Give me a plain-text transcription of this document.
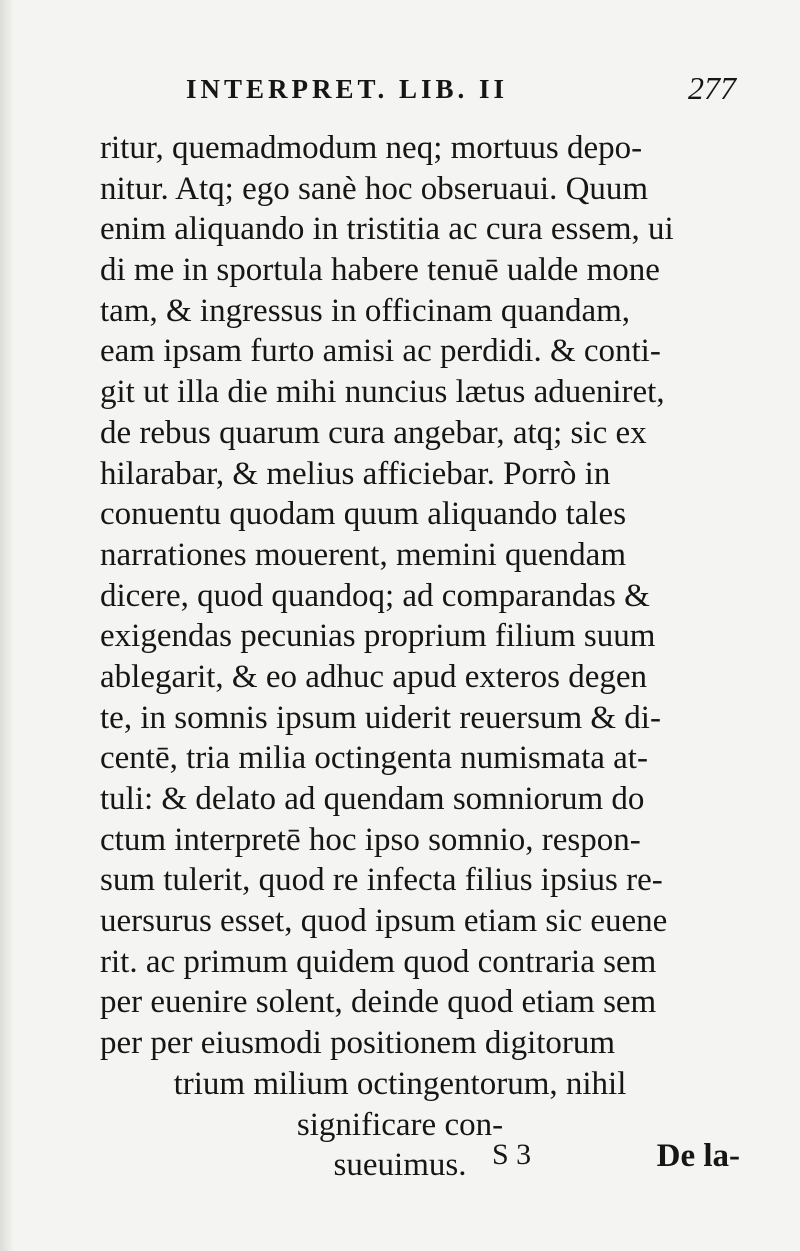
INTERPRET. LIB. II	277
ritur, quemadmodum neq; mortuus depo-
nitur. Atq; ego sanè hoc obseruaui. Quum
enim aliquando in tristitia ac cura essem, ui
di me in sportula habere tenuē ualde mone
tam, & ingressus in officinam quandam,
eam ipsam furto amisi ac perdidi. & conti-
git ut illa die mihi nuncius lætus adueniret,
de rebus quarum cura angebar, atq; sic ex
hilarabar, & melius afficiebar. Porrò in
conuentu quodam quum aliquando tales
narrationes mouerent, memini quendam
dicere, quod quandoq; ad comparandas &
exigendas pecunias proprium filium suum
ablegarit, & eo adhuc apud exteros degen
te, in somnis ipsum uiderit reuersum & di-
centē, tria milia octingenta numismata at-
tuli: & delato ad quendam somniorum do
ctum interpretē hoc ipso somnio, respon-
sum tulerit, quod re infecta filius ipsius re-
uersurus esset, quod ipsum etiam sic euene
rit. ac primum quidem quod contraria sem
per euenire solent, deinde quod etiam sem
per per eiusmodi positionem digitorum
trium milium octingentorum, nihil
significare con-
sueuimus. S 3	De la-
